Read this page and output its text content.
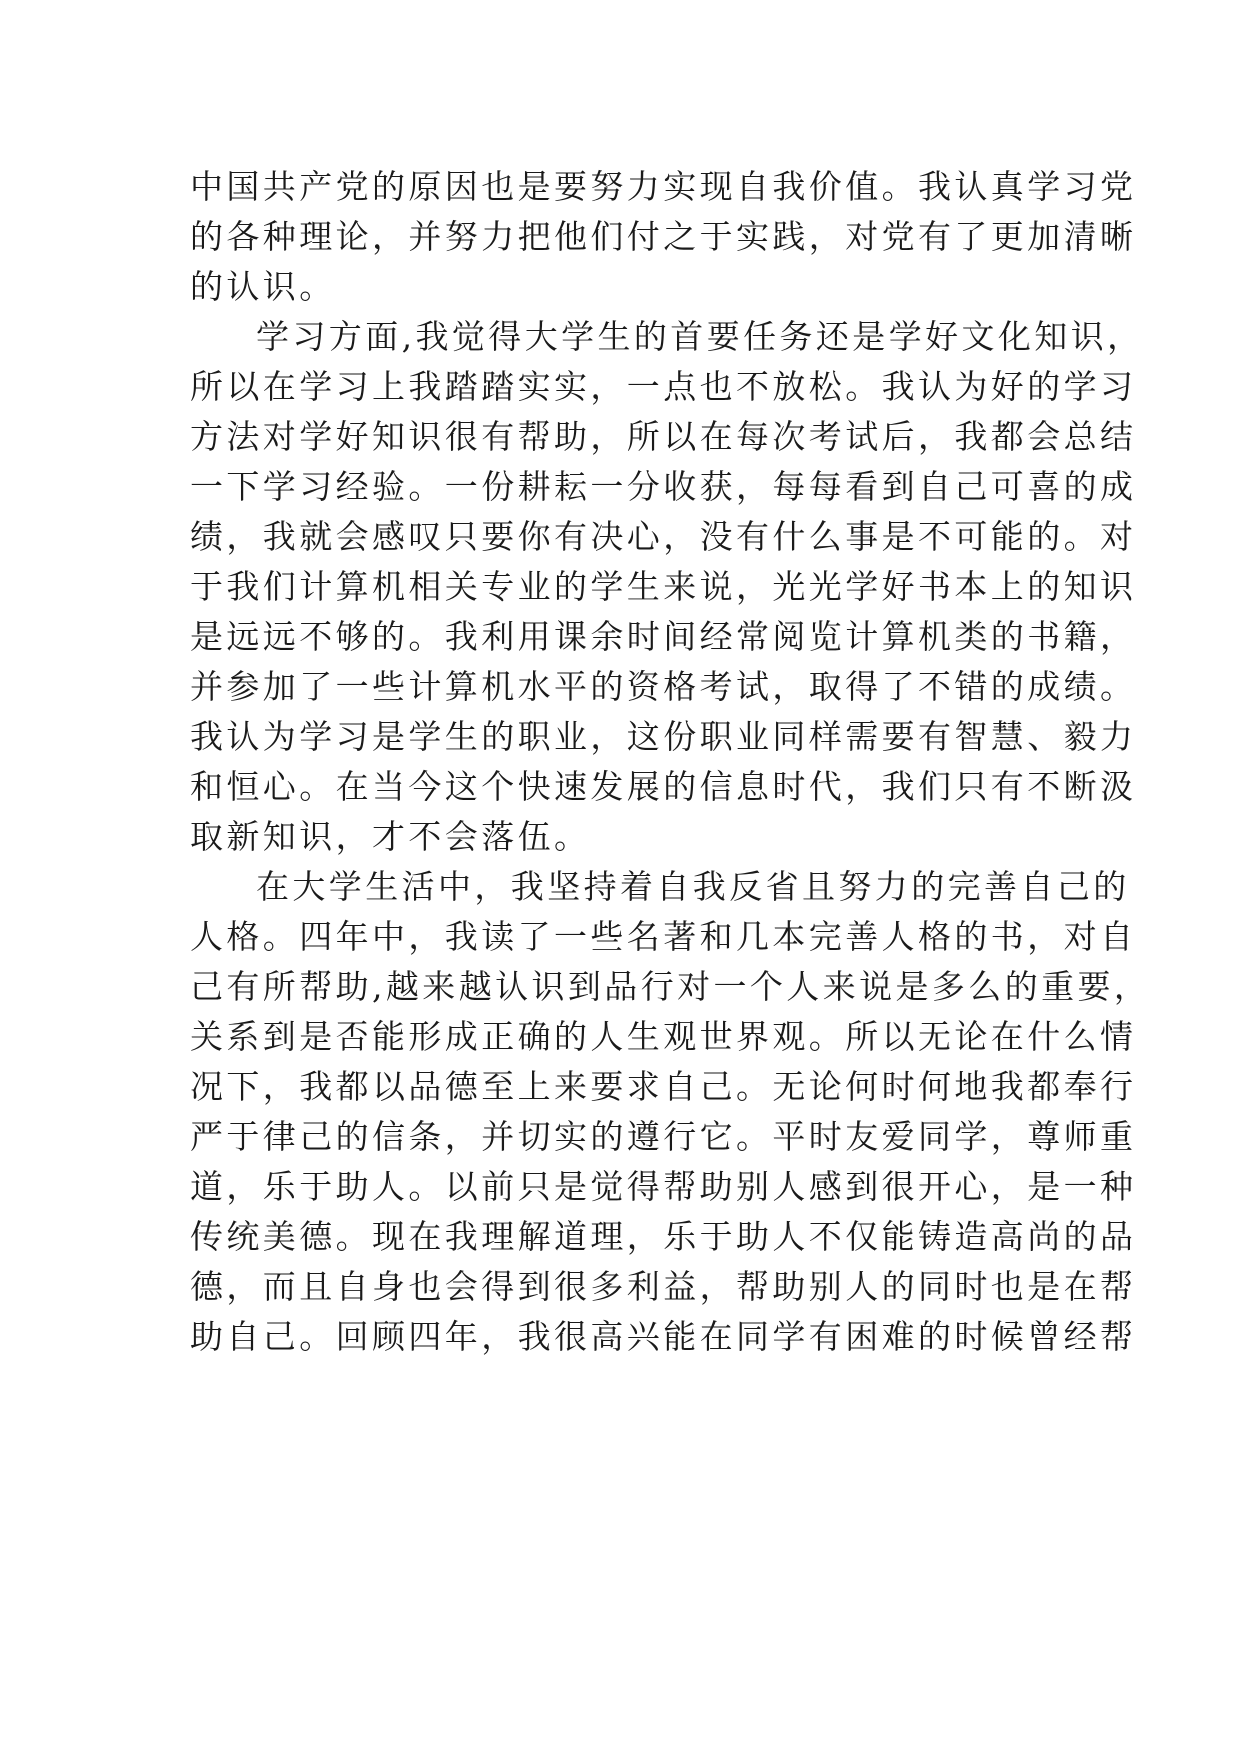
中国共产党的原因也是要努力实现自我价值。我认真学习党
的各种理论，并努力把他们付之于实践，对党有了更加清晰
的认识。
学习方面,我觉得大学生的首要任务还是学好文化知识，
所以在学习上我踏踏实实，一点也不放松。我认为好的学习
方法对学好知识很有帮助，所以在每次考试后，我都会总结
一下学习经验。一份耕耘一分收获，每每看到自己可喜的成
绩，我就会感叹只要你有决心，没有什么事是不可能的。对
于我们计算机相关专业的学生来说，光光学好书本上的知识
是远远不够的。我利用课余时间经常阅览计算机类的书籍，
并参加了一些计算机水平的资格考试，取得了不错的成绩。
我认为学习是学生的职业，这份职业同样需要有智慧、毅力
和恒心。在当今这个快速发展的信息时代，我们只有不断汲
取新知识，才不会落伍。
在大学生活中，我坚持着自我反省且努力的完善自己的
人格。四年中，我读了一些名著和几本完善人格的书，对自
己有所帮助,越来越认识到品行对一个人来说是多么的重要，
关系到是否能形成正确的人生观世界观。所以无论在什么情
况下，我都以品德至上来要求自己。无论何时何地我都奉行
严于律己的信条，并切实的遵行它。平时友爱同学，尊师重
道，乐于助人。以前只是觉得帮助别人感到很开心，是一种
传统美德。现在我理解道理，乐于助人不仅能铸造高尚的品
德，而且自身也会得到很多利益，帮助别人的同时也是在帮
助自己。回顾四年，我很高兴能在同学有困难的时候曾经帮
